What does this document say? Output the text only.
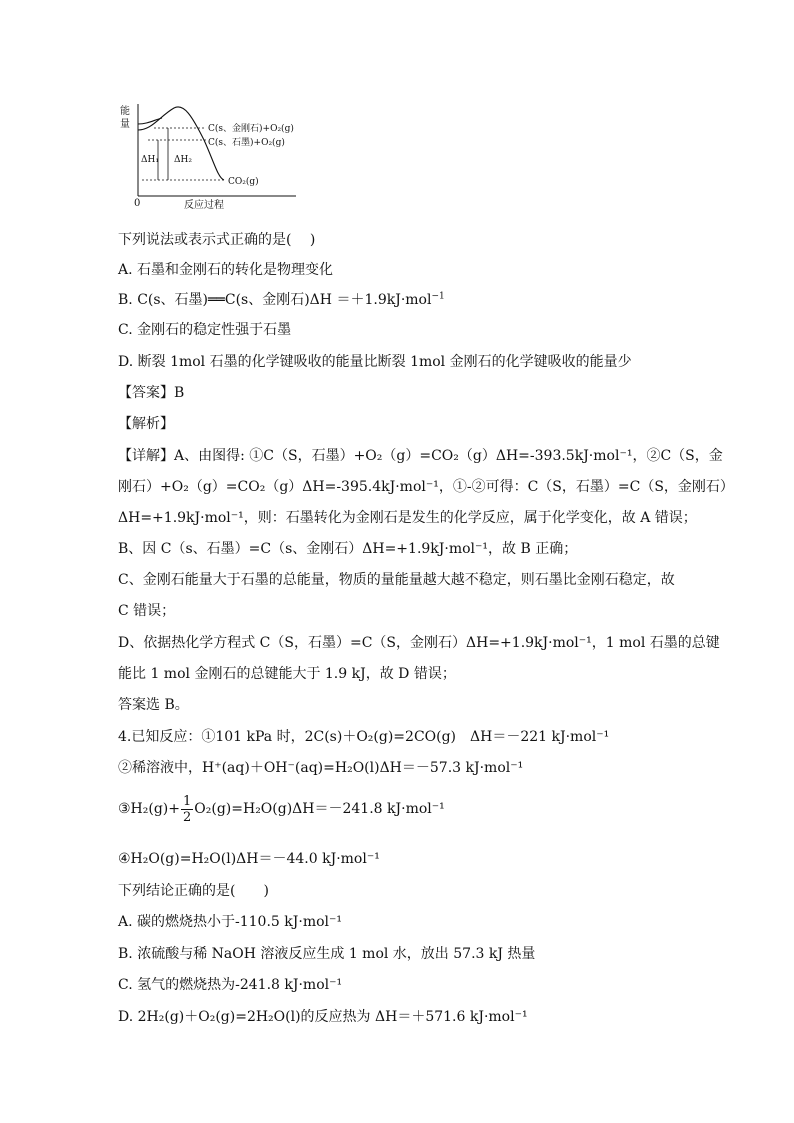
能
量
0	反应过程
C(s、金刚石)+O₂(g)
C(s、石墨)+O₂(g)
CO₂(g)
ΔH₁ ΔH₂
下列说法或表示式正确的是(　 )
A. 石墨和金刚石的转化是物理变化
B. C(s、石墨)══C(s、金刚石)ΔH ＝＋1.9kJ·mol$^{-1}$
C. 金刚石的稳定性强于石墨
D. 断裂 1mol 石墨的化学键吸收的能量比断裂 1mol 金刚石的化学键吸收的能量少
【答案】B
【解析】
【详解】A、由图得: ①C（S，石墨）+O₂（g）=CO₂（g）ΔH=-393.5kJ·mol⁻¹，②C（S，金
刚石）+O₂（g）=CO₂（g）ΔH=-395.4kJ·mol⁻¹，①-②可得：C（S，石墨）=C（S，金刚石）
ΔH=+1.9kJ·mol⁻¹，则：石墨转化为金刚石是发生的化学反应，属于化学变化，故 A 错误；
B、因 C（s、石墨）=C（s、金刚石）ΔH=+1.9kJ·mol⁻¹，故 B 正确；
C、金刚石能量大于石墨的总能量，物质的量能量越大越不稳定，则石墨比金刚石稳定，故
C 错误；
D、依据热化学方程式 C（S，石墨）=C（S，金刚石）ΔH=+1.9kJ·mol⁻¹，1 mol 石墨的总键
能比 1 mol 金刚石的总键能大于 1.9 kJ，故 D 错误；
答案选 B。
4.已知反应：①101 kPa 时，2C(s)＋O₂(g)=2CO(g)　ΔH＝－221 kJ·mol⁻¹
②稀溶液中，H⁺(aq)＋OH⁻(aq)=H₂O(l)ΔH＝－57.3 kJ·mol⁻¹
③H₂(g)+ $\frac{1}{2} O_2(g)=H_2O(g)\Delta H=-241.8$ kJ·mol⁻¹
④H₂O(g)=H₂O(l)ΔH＝－44.0 kJ·mol⁻¹
下列结论正确的是(　　)
A. 碳的燃烧热小于-110.5 kJ·mol⁻¹
B. 浓硫酸与稀 NaOH 溶液反应生成 1 mol 水，放出 57.3 kJ 热量
C. 氢气的燃烧热为-241.8 kJ·mol⁻¹
D. 2H₂(g)＋O₂(g)=2H₂O(l)的反应热为 ΔH＝＋571.6 kJ·mol⁻¹
